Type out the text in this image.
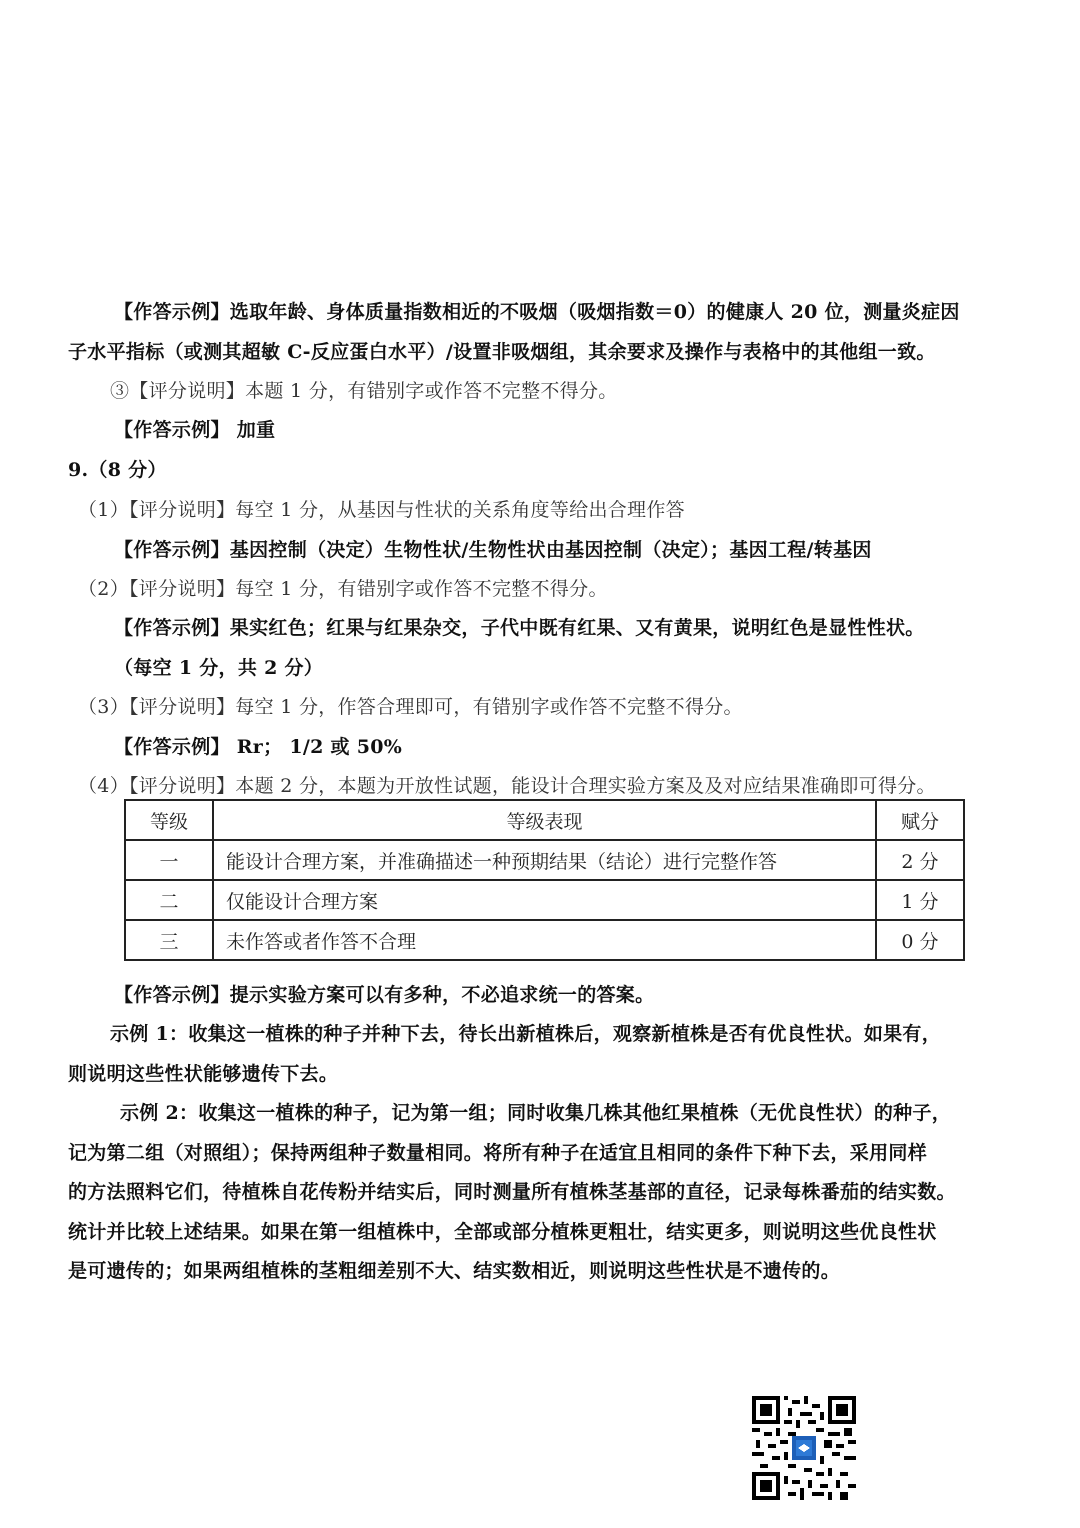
【作答示例】选取年龄、身体质量指数相近的不吸烟（吸烟指数＝0）的健康人 20 位，测量炎症因
子水平指标（或测其超敏 C-反应蛋白水平）/设置非吸烟组，其余要求及操作与表格中的其他组一致。
③【评分说明】本题 1 分，有错别字或作答不完整不得分。
【作答示例】 加重
9.（8 分）
（1）【评分说明】每空 1 分，从基因与性状的关系角度等给出合理作答
【作答示例】基因控制（决定）生物性状/生物性状由基因控制（决定）；基因工程/转基因
（2）【评分说明】每空 1 分，有错别字或作答不完整不得分。
【作答示例】果实红色；红果与红果杂交，子代中既有红果、又有黄果，说明红色是显性性状。
（每空 1 分，共 2 分）
（3）【评分说明】每空 1 分，作答合理即可，有错别字或作答不完整不得分。
【作答示例】 Rr； 1/2 或 50%
（4）【评分说明】本题 2 分，本题为开放性试题，能设计合理实验方案及及对应结果准确即可得分。
等级	等级表现	赋分
一	能设计合理方案，并准确描述一种预期结果（结论）进行完整作答	2 分
二	仅能设计合理方案	1 分
三	未作答或者作答不合理	0 分
【作答示例】提示实验方案可以有多种，不必追求统一的答案。
示例 1：收集这一植株的种子并种下去，待长出新植株后，观察新植株是否有优良性状。如果有，
则说明这些性状能够遗传下去。
示例 2：收集这一植株的种子，记为第一组；同时收集几株其他红果植株（无优良性状）的种子，
记为第二组（对照组）；保持两组种子数量相同。将所有种子在适宜且相同的条件下种下去，采用同样
的方法照料它们，待植株自花传粉并结实后，同时测量所有植株茎基部的直径，记录每株番茄的结实数。
统计并比较上述结果。如果在第一组植株中，全部或部分植株更粗壮，结实更多，则说明这些优良性状
是可遗传的；如果两组植株的茎粗细差别不大、结实数相近，则说明这些性状是不遗传的。
